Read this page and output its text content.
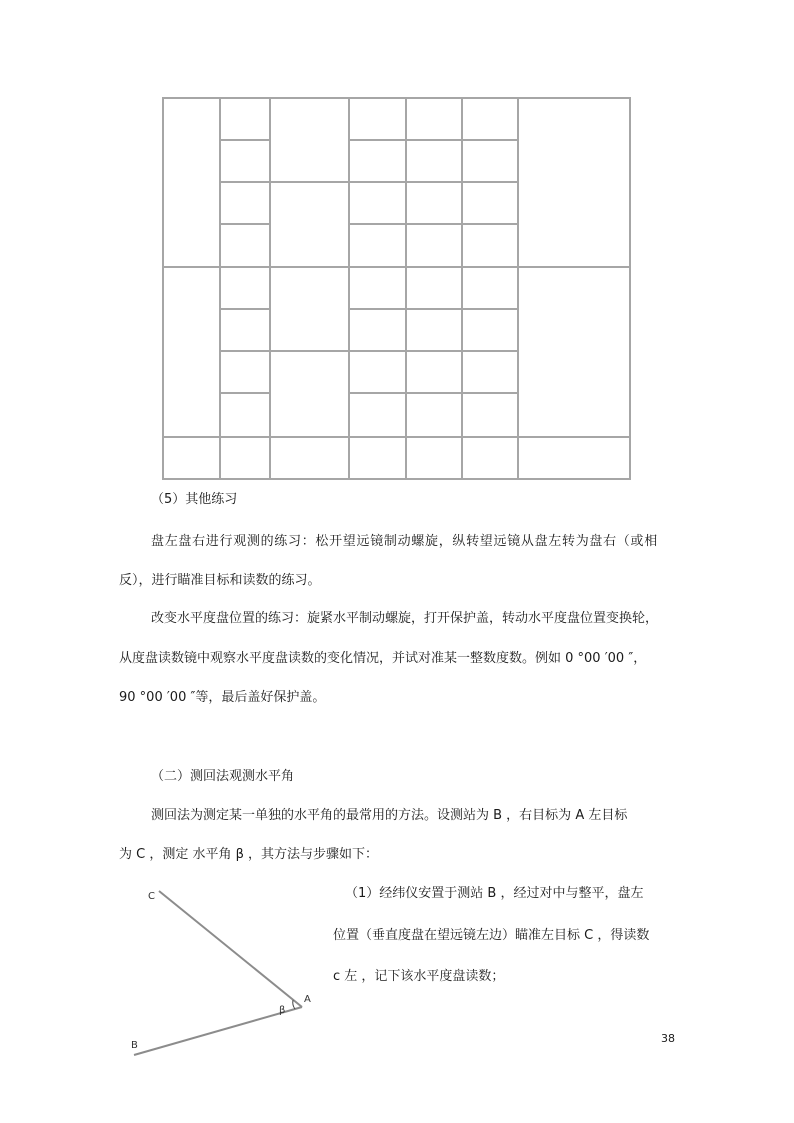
（5）其他练习
盘左盘右进行观测的练习：松开望远镜制动螺旋，纵转望远镜从盘左转为盘右（或相
反），进行瞄准目标和读数的练习。
改变水平度盘位置的练习：旋紧水平制动螺旋，打开保护盖，转动水平度盘位置变换轮，
从度盘读数镜中观察水平度盘读数的变化情况，并试对准某一整数度数。例如 0 °00 ′00 ″，
90 °00 ′00 ″等，最后盖好保护盖。
（二）测回法观测水平角
测回法为测定某一单独的水平角的最常用的方法。设测站为 B ，右目标为 A 左目标
为 C ，测定 水平角 β ，其方法与步骤如下：
（1）经纬仪安置于测站 B ，经过对中与整平，盘左
位置（垂直度盘在望远镜左边）瞄准左目标 C ，得读数
c 左 ，记下该水平度盘读数；
C
A
B
β
38
